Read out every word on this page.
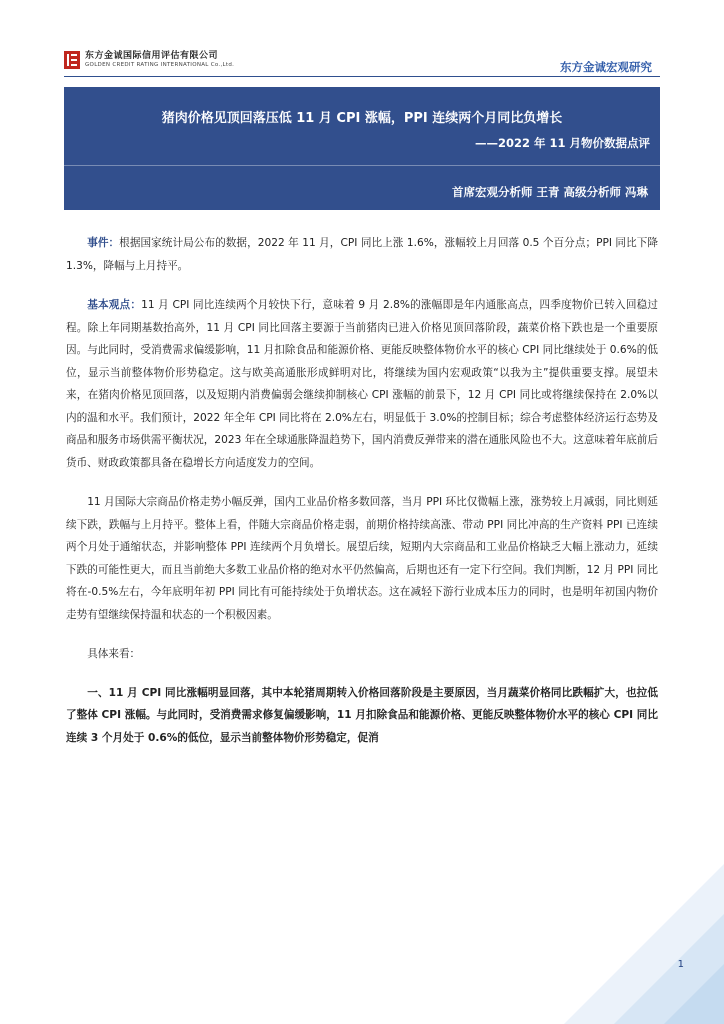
东方金诚国际信用评估有限公司
GOLDEN CREDIT RATING INTERNATIONAL Co.,Ltd.	东方金诚宏观研究
猪肉价格见顶回落压低 11 月 CPI 涨幅，PPI 连续两个月同比负增长
——2022 年 11 月物价数据点评
首席宏观分析师 王青 高级分析师 冯琳

事件：根据国家统计局公布的数据，2022 年 11 月，CPI 同比上涨 1.6%，涨幅较上月回落 0.5 个百分点；PPI 同比下降 1.3%，降幅与上月持平。

基本观点：11 月 CPI 同比连续两个月较快下行，意味着 9 月 2.8%的涨幅即是年内通胀高点，四季度物价已转入回稳过程。除上年同期基数抬高外，11 月 CPI 同比回落主要源于当前猪肉已进入价格见顶回落阶段，蔬菜价格下跌也是一个重要原因。与此同时，受消费需求偏缓影响，11 月扣除食品和能源价格、更能反映整体物价水平的核心 CPI 同比继续处于 0.6%的低位，显示当前整体物价形势稳定。这与欧美高通胀形成鲜明对比，将继续为国内宏观政策“以我为主”提供重要支撑。展望未来，在猪肉价格见顶回落，以及短期内消费偏弱会继续抑制核心 CPI 涨幅的前景下，12 月 CPI 同比或将继续保持在 2.0%以内的温和水平。我们预计，2022 年全年 CPI 同比将在 2.0%左右，明显低于 3.0%的控制目标；综合考虑整体经济运行态势及商品和服务市场供需平衡状况，2023 年在全球通胀降温趋势下，国内消费反弹带来的潜在通胀风险也不大。这意味着年底前后货币、财政政策都具备在稳增长方向适度发力的空间。

11 月国际大宗商品价格走势小幅反弹，国内工业品价格多数回落，当月 PPI 环比仅微幅上涨，涨势较上月减弱，同比则延续下跌，跌幅与上月持平。整体上看，伴随大宗商品价格走弱，前期价格持续高涨、带动 PPI 同比冲高的生产资料 PPI 已连续两个月处于通缩状态，并影响整体 PPI 连续两个月负增长。展望后续，短期内大宗商品和工业品价格缺乏大幅上涨动力，延续下跌的可能性更大，而且当前绝大多数工业品价格的绝对水平仍然偏高，后期也还有一定下行空间。我们判断，12 月 PPI 同比将在-0.5%左右，今年底明年初 PPI 同比有可能持续处于负增状态。这在减轻下游行业成本压力的同时，也是明年初国内物价走势有望继续保持温和状态的一个积极因素。

具体来看：

一、11 月 CPI 同比涨幅明显回落，其中本轮猪周期转入价格回落阶段是主要原因，当月蔬菜价格同比跌幅扩大，也拉低了整体 CPI 涨幅。与此同时，受消费需求修复偏缓影响，11 月扣除食品和能源价格、更能反映整体物价水平的核心 CPI 同比连续 3 个月处于 0.6%的低位，显示当前整体物价形势稳定，促消

1
